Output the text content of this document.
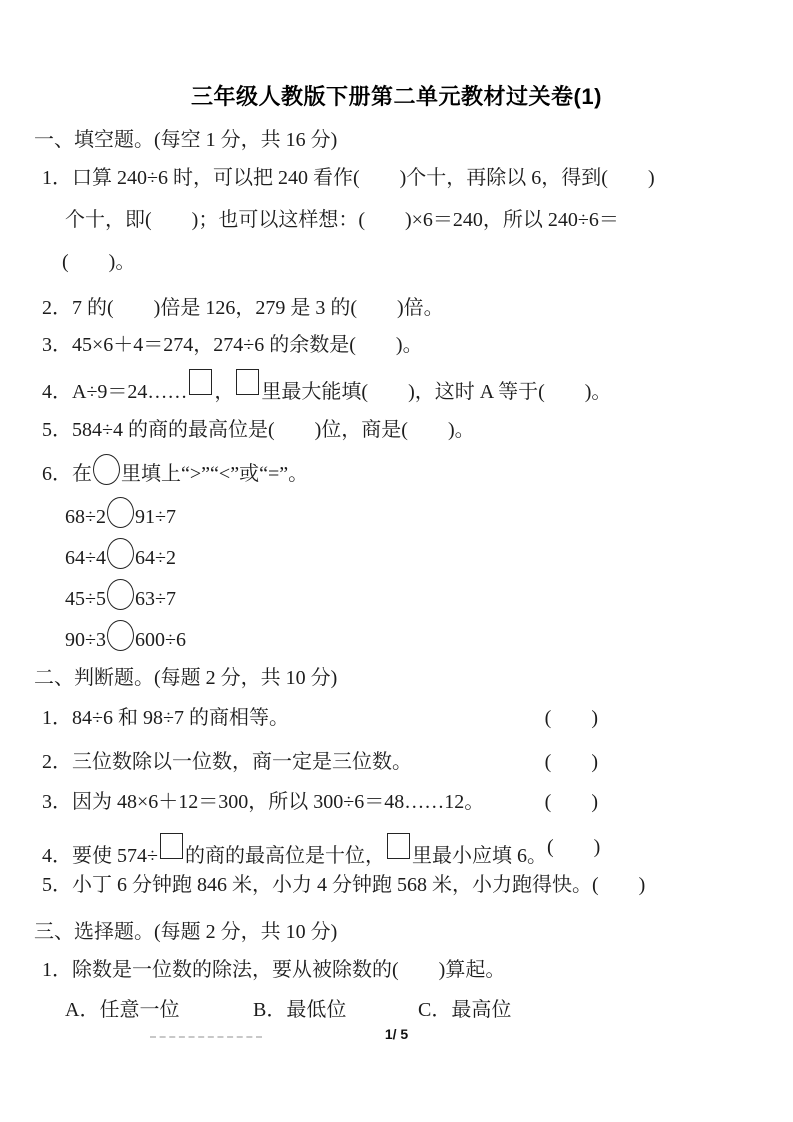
三年级人教版下册第二单元教材过关卷(1)
一、填空题。(每空 1 分，共 16 分)
1．口算 240÷6 时，可以把 240 看作(　　)个十，再除以 6，得到(　　)
个十，即(　　)；也可以这样想：(　　)×6＝240，所以 240÷6＝
(　　)。
2．7 的(　　)倍是 126，279 是 3 的(　　)倍。
3．45×6＋4＝274，274÷6 的余数是(　　)。
4．A÷9＝24…… ， 里最大能填(　　)，这时 A 等于(　　)。
5．584÷4 的商的最高位是(　　)位，商是(　　)。
6．在 里填上“>”“<”或“=”。
68÷2 91÷7
64÷4 64÷2
45÷5 63÷7
90÷3 600÷6
二、判断题。(每题 2 分，共 10 分)
1．84÷6 和 98÷7 的商相等。	(　　)
2．三位数除以一位数，商一定是三位数。	(　　)
3．因为 48×6＋12＝300，所以 300÷6＝48……12。	(　　)
4．要使 574÷ 的商的最高位是十位， 里最小应填 6。 (　　)
5．小丁 6 分钟跑 846 米，小力 4 分钟跑 568 米，小力跑得快。 (　　)
三、选择题。(每题 2 分，共 10 分)
1．除数是一位数的除法，要从被除数的(　　)算起。
A．任意一位	B．最低位	C．最高位
1/ 5
